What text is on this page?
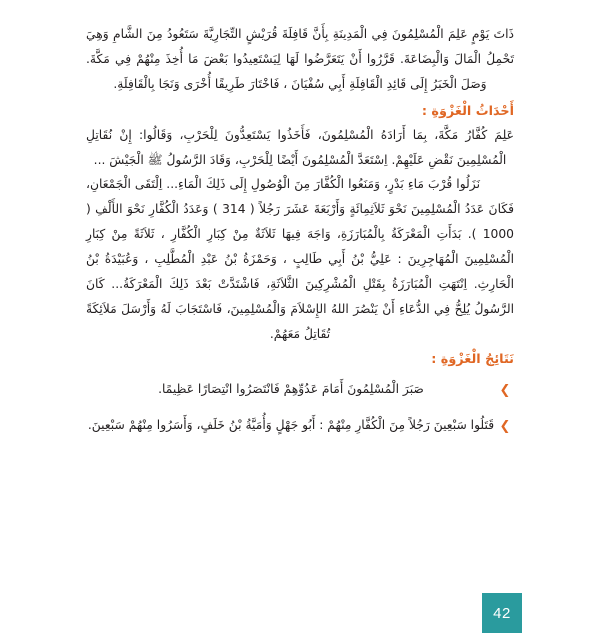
ذَاتَ يَوْمٍ عَلِمَ الْمُسْلِمُونَ فِي الْمَدِينَةِ بِأَنَّ قَافِلَةَ قُرَيْشٍ التِّجَارِيَّةَ سَتَعُودُ مِنَ الشَّامِ وَهِيَ تَحْمِلُ الْمَالَ وَالْبِضَاعَةَ. قَرَّرُوا أَنْ يَتَعَرَّضُوا لَهَا لِيَسْتَعِيدُوا بَعْضَ مَا أُخِذَ مِنْهُمْ فِي مَكَّةَ. وَصَلَ الْخَبَرُ إِلَى قَائِدِ الْقَافِلَةِ أَبِي سُفْيَانَ ، فَاخْتَارَ طَرِيقًا أُخْرَى وَنَجَا بِالْقَافِلَةِ.

أَحْدَاثُ الْغَزْوَةِ :

عَلِمَ كُفَّارُ مَكَّةَ، بِمَا أَرَادَهُ الْمُسْلِمُونَ، فَأَخَذُوا يَسْتَعِدُّونَ لِلْحَرْبِ، وَقَالُوا: إِنْ نُقَاتِلِ الْمُسْلِمِينَ نَقْضِ عَلَيْهِمْ. اِسْتَعَدَّ الْمُسْلِمُونَ أَيْضًا لِلْحَرْبِ، وَقَادَ الرَّسُولُ ﷺ الْجَيْشَ ...

نَزَلُوا قُرْبَ مَاءِ بَدْرٍ، وَمَنَعُوا الْكُفَّارَ مِنَ الْوُصُولِ إِلَى ذَلِكَ الْمَاءِ... اِلْتَقَى الْجَمْعَانِ، فَكَانَ عَدَدُ الْمُسْلِمِينَ نَحْوَ ثَلاَثِمِائَةٍ وَأَرْبَعَةَ عَشَرَ رَجُلاً ( 314 ) وَعَدَدُ الْكُفَّارِ نَحْوَ الأَلْفِ ( 1000 ). بَدَأَتِ الْمَعْرَكَةُ بِالْمُبَارَزَةِ، وَاجَهَ فِيهَا ثَلاَثَةٌ مِنْ كِبَارِ الْكُفَّارِ ، ثَلاَثَةً مِنْ كِبَارِ الْمُسْلِمِينَ الْمُهَاجِرِينَ : عَلِيُّ بْنُ أَبِي طَالِبٍ ، وَحَمْزَةُ بْنُ عَبْدِ الْمُطَّلِبِ ، وَعُبَيْدَةُ بْنُ الْحَارِثِ. اِنْتَهَتِ الْمُبَارَزَةُ بِقَتْلِ الْمُشْرِكِينَ الثَّلاَثَةِ، فَاشْتَدَّتْ بَعْدَ ذَلِكَ الْمَعْرَكَةُ... كَانَ الرَّسُولُ يُلِحُّ فِي الدُّعَاءِ أَنْ يَنْصُرَ اللهُ الإِسْلاَمَ وَالْمُسْلِمِينَ، فَاسْتَجَابَ لَهُ وَأَرْسَلَ مَلاَئِكَةً تُقَاتِلُ مَعَهُمْ.

نَتَائِجُ الْغَزْوَةِ :
❯
صَبَرَ الْمُسْلِمُونَ أَمَامَ عَدُوِّهِمْ فَانْتَصَرُوا انْتِصَارًا عَظِيمًا.
❯
قَتَلُوا سَبْعِينَ رَجُلاً مِنَ الْكُفَّارِ مِنْهُمْ : أَبُو جَهْلٍ وَأُمَيَّةُ بْنُ خَلَفٍ، وَأَسَرُوا مِنْهُمْ سَبْعِينَ.
42
